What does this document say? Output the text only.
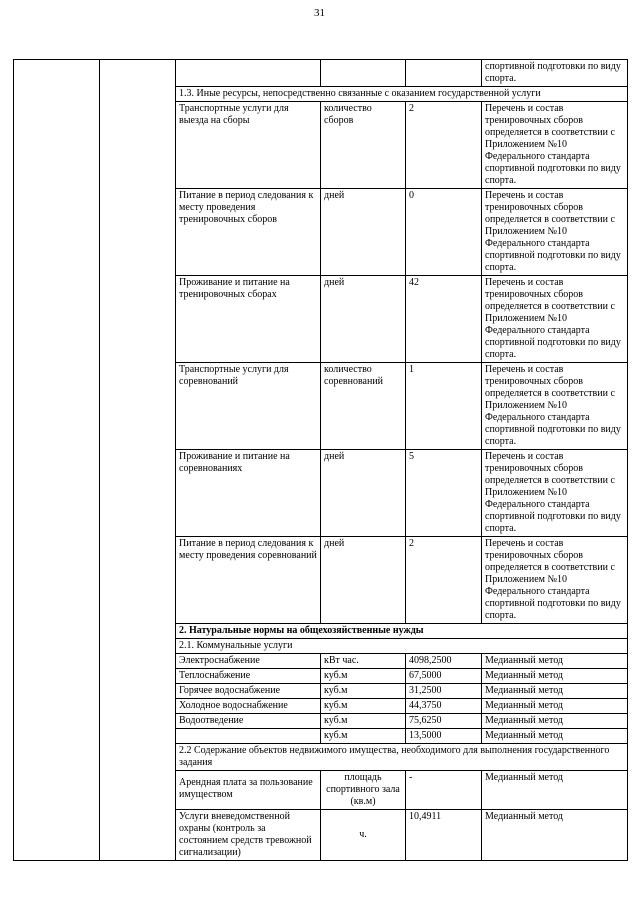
31
					спортивной подготовки по виду спорта.
		1.3. Иные ресурсы, непосредственно связанные с оказанием государственной услуги			
		Транспортные услуги для выезда на сборы	количество сборов	2	Перечень и состав тренировочных сборов определяется в соответствии с Приложением №10 Федерального стандарта спортивной подготовки по виду спорта.
		Питание в период следования к месту проведения тренировочных сборов	дней	0	Перечень и состав тренировочных сборов определяется в соответствии с Приложением №10 Федерального стандарта спортивной подготовки по виду спорта.
		Проживание и питание на тренировочных сборах	дней	42	Перечень и состав тренировочных сборов определяется в соответствии с Приложением №10 Федерального стандарта спортивной подготовки по виду спорта.
		Транспортные услуги для соревнований	количество соревнований	1	Перечень и состав тренировочных сборов определяется в соответствии с Приложением №10 Федерального стандарта спортивной подготовки по виду спорта.
		Проживание и питание на соревнованиях	дней	5	Перечень и состав тренировочных сборов определяется в соответствии с Приложением №10 Федерального стандарта спортивной подготовки по виду спорта.
		Питание в период следования к месту проведения соревнований	дней	2	Перечень и состав тренировочных сборов определяется в соответствии с Приложением №10 Федерального стандарта спортивной подготовки по виду спорта.
		2. Натуральные нормы на общехозяйственные нужды			
		2.1. Коммунальные услуги			
		Электроснабжение	кВт час.	4098,2500	Медианный метод
		Теплоснабжение	куб.м	67,5000	Медианный метод
		Горячее водоснабжение	куб.м	31,2500	Медианный метод
		Холодное водоснабжение	куб.м	44,3750	Медианный метод
		Водоотведение	куб.м	75,6250	Медианный метод
			куб.м	13,5000	Медианный метод
		2.2 Содержание объектов недвижимого имущества, необходимого для выполнения государственного задания			
		Арендная плата за пользование имуществом	площадь спортивного зала (кв.м)	-	Медианный метод
		Услуги вневедомственной охраны (контроль за состоянием средств тревожной сигнализации)	ч.	10,4911	Медианный метод
